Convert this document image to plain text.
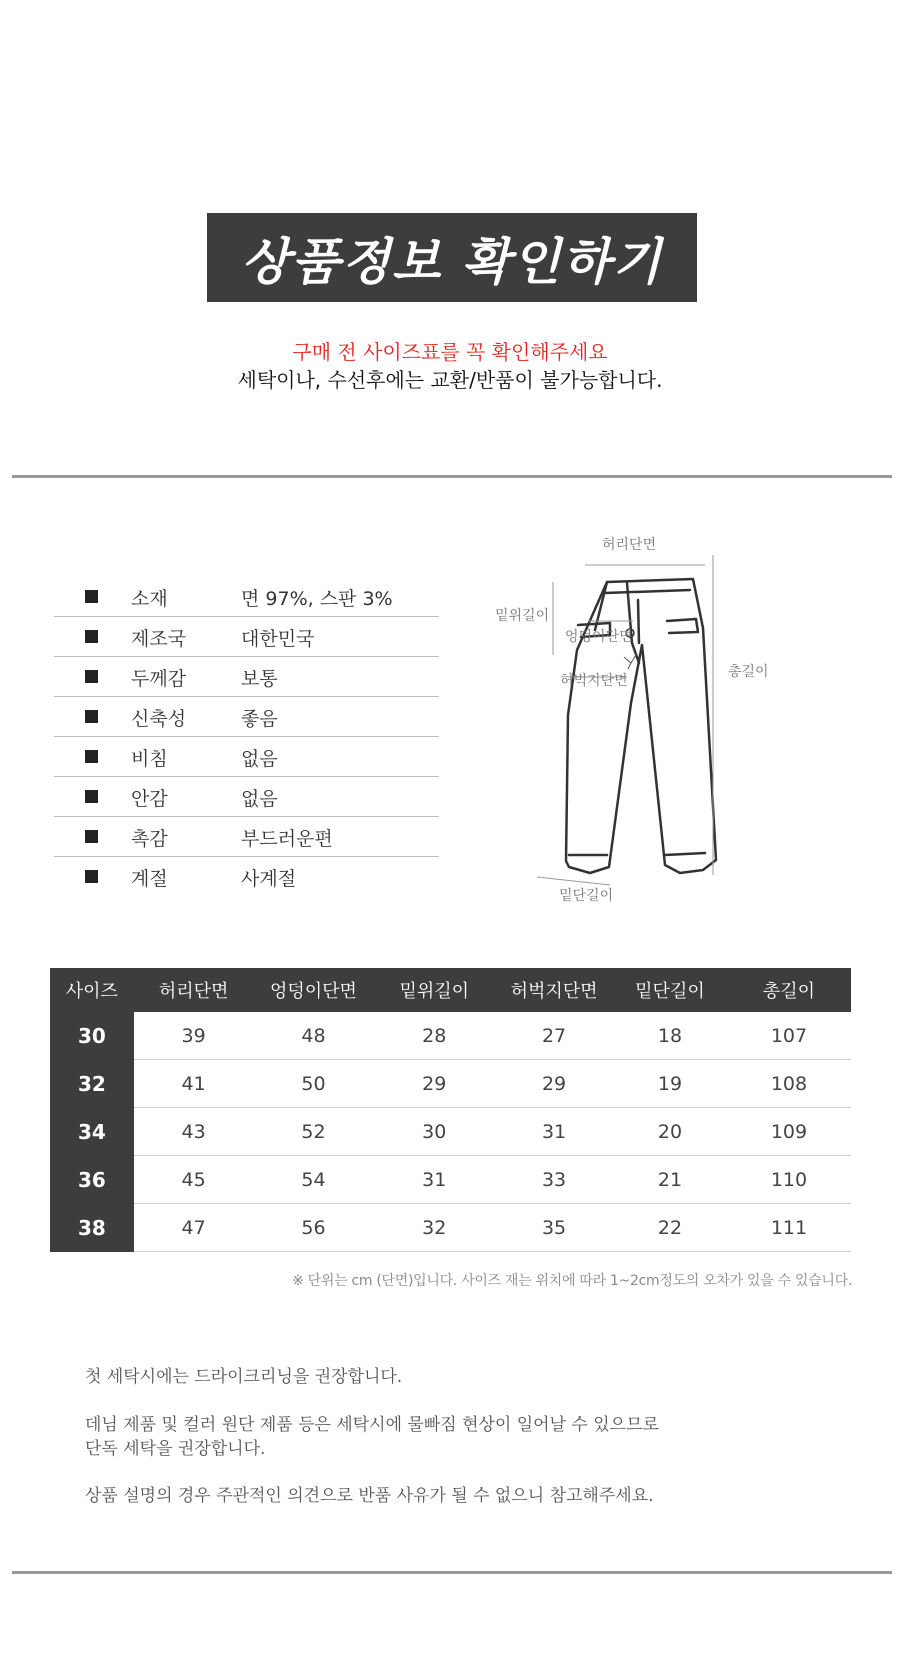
상품정보 확인하기
구매 전 사이즈표를 꼭 확인해주세요
세탁이나, 수선후에는 교환/반품이 불가능합니다.
소재	면 97%, 스판 3%
제조국	대한민국
두께감	보통
신축성	좋음
비침	없음
안감	없음
촉감	부드러운편
계절	사계절
허리단면
밑위길이
엉덩이단면
허벅지단면
총길이
밑단길이
사이즈	허리단면	엉덩이단면	밑위길이	허벅지단면	밑단길이	총길이
30	39	48	28	27	18	107
32	41	50	29	29	19	108
34	43	52	30	31	20	109
36	45	54	31	33	21	110
38	47	56	32	35	22	111
※ 단위는 cm (단면)입니다. 사이즈 재는 위치에 따라 1~2cm정도의 오차가 있을 수 있습니다.
첫 세탁시에는 드라이크리닝을 권장합니다.
데님 제품 및 컬러 원단 제품 등은 세탁시에 물빠짐 현상이 일어날 수 있으므로
단독 세탁을 권장합니다.
상품 설명의 경우 주관적인 의견으로 반품 사유가 될 수 없으니 참고해주세요.
